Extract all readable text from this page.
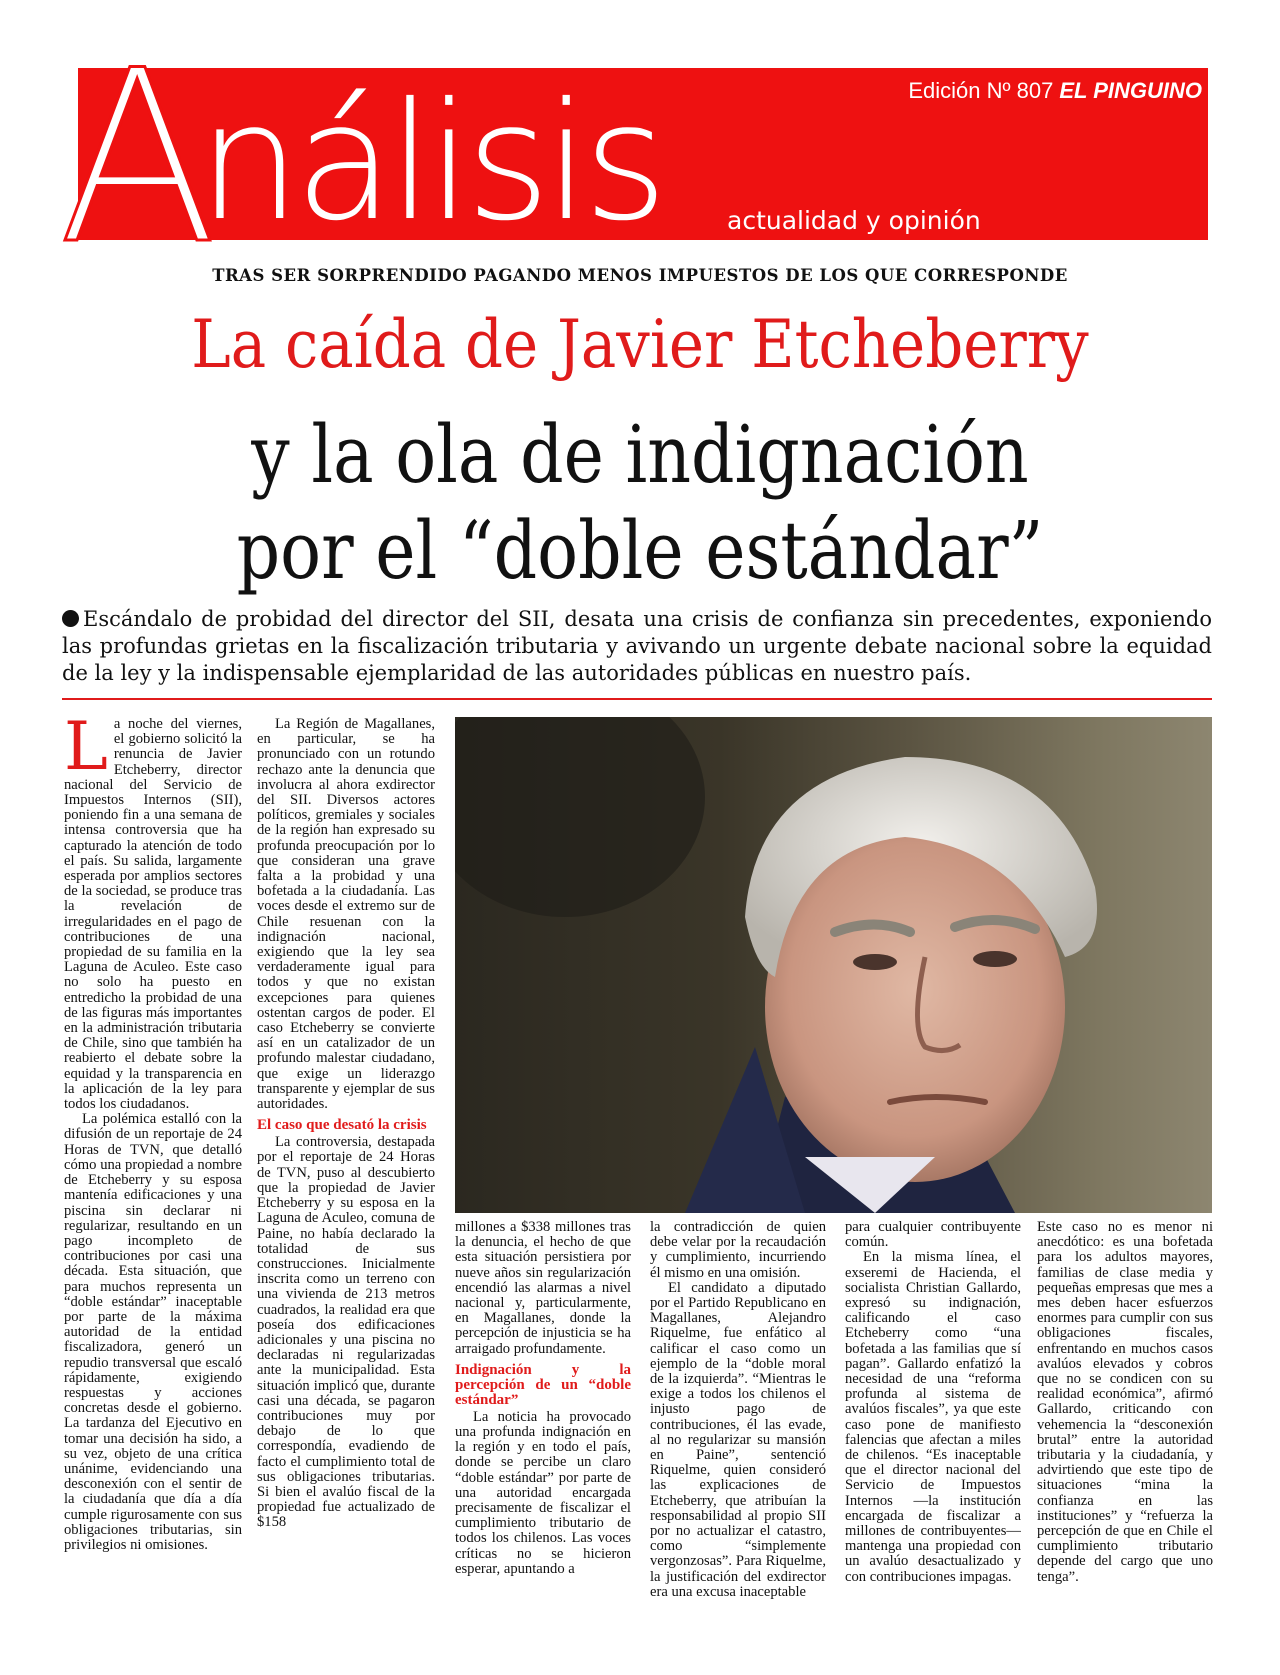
A
nálisis	Edición Nº 807 EL PINGUINO
actualidad y opinión
TRAS SER SORPRENDIDO PAGANDO MENOS IMPUESTOS DE LOS QUE CORRESPONDE
La caída de Javier Etcheberry
y la ola de indignación
por el “doble estándar”
Escándalo de probidad del director del SII, desata una crisis de confianza sin precedentes, exponiendo las profundas grietas en la fiscalización tributaria y avivando un urgente debate nacional sobre la equidad de la ley y la indispensable ejemplaridad de las autoridades públicas en nuestro país.
L a noche del viernes, el gobierno solicitó la renuncia de Javier Etcheberry, director nacional del Servicio de Impuestos Internos (SII), poniendo fin a una semana de intensa controversia que ha capturado la atención de todo el país. Su salida, largamente esperada por amplios sectores de la sociedad, se produce tras la revelación de irregularidades en el pago de contribuciones de una propiedad de su familia en la Laguna de Aculeo. Este caso no solo ha puesto en entredicho la probidad de una de las figuras más importantes en la administración tributaria de Chile, sino que también ha reabierto el debate sobre la equidad y la transparencia en la aplicación de la ley para todos los ciudadanos.

La polémica estalló con la difusión de un reportaje de 24 Horas de TVN, que detalló cómo una propiedad a nombre de Etcheberry y su esposa mantenía edificaciones y una piscina sin declarar ni regularizar, resultando en un pago incompleto de contribuciones por casi una década. Esta situación, que para muchos representa un “doble estándar” inaceptable por parte de la máxima autoridad de la entidad fiscalizadora, generó un repudio transversal que escaló rápidamente, exigiendo respuestas y acciones concretas desde el gobierno. La tardanza del Ejecutivo en tomar una decisión ha sido, a su vez, objeto de una crítica unánime, evidenciando una desconexión con el sentir de la ciudadanía que día a día cumple rigurosamente con sus obligaciones tributarias, sin privilegios ni omisiones.

La Región de Magallanes, en particular, se ha pronunciado con un rotundo rechazo ante la denuncia que involucra al ahora exdirector del SII. Diversos actores políticos, gremiales y sociales de la región han expresado su profunda preocupación por lo que consideran una grave falta a la probidad y una bofetada a la ciudadanía. Las voces desde el extremo sur de Chile resuenan con la indignación nacional, exigiendo que la ley sea verdaderamente igual para todos y que no existan excepciones para quienes ostentan cargos de poder. El caso Etcheberry se convierte así en un catalizador de un profundo malestar ciudadano, que exige un liderazgo transparente y ejemplar de sus autoridades.

El caso que desató la crisis

La controversia, destapada por el reportaje de 24 Horas de TVN, puso al descubierto que la propiedad de Javier Etcheberry y su esposa en la Laguna de Aculeo, comuna de Paine, no había declarado la totalidad de sus construcciones. Inicialmente inscrita como un terreno con una vivienda de 213 metros cuadrados, la realidad era que poseía dos edificaciones adicionales y una piscina no declaradas ni regularizadas ante la municipalidad. Esta situación implicó que, durante casi una década, se pagaron contribuciones muy por debajo de lo que correspondía, evadiendo de facto el cumplimiento total de sus obligaciones tributarias. Si bien el avalúo fiscal de la propiedad fue actualizado de $158

millones a $338 millones tras la denuncia, el hecho de que esta situación persistiera por nueve años sin regularización encendió las alarmas a nivel nacional y, particularmente, en Magallanes, donde la percepción de injusticia se ha arraigado profundamente.

Indignación y la percepción de un “doble estándar”

La noticia ha provocado una profunda indignación en la región y en todo el país, donde se percibe un claro “doble estándar” por parte de una autoridad encargada precisamente de fiscalizar el cumplimiento tributario de todos los chilenos. Las voces críticas no se hicieron esperar, apuntando a

la contradicción de quien debe velar por la recaudación y cumplimiento, incurriendo él mismo en una omisión.

El candidato a diputado por el Partido Republicano en Magallanes, Alejandro Riquelme, fue enfático al calificar el caso como un ejemplo de la “doble moral de la izquierda”. “Mientras le exige a todos los chilenos el injusto pago de contribuciones, él las evade, al no regularizar su mansión en Paine”, sentenció Riquelme, quien consideró las explicaciones de Etcheberry, que atribuían la responsabilidad al propio SII por no actualizar el catastro, como “simplemente vergonzosas”. Para Riquelme, la justificación del exdirector era una excusa inaceptable

para cualquier contribuyente común.

En la misma línea, el exseremi de Hacienda, el socialista Christian Gallardo, expresó su indignación, calificando el caso Etcheberry como “una bofetada a las familias que sí pagan”. Gallardo enfatizó la necesidad de una “reforma profunda al sistema de avalúos fiscales”, ya que este caso pone de manifiesto falencias que afectan a miles de chilenos. “Es inaceptable que el director nacional del Servicio de Impuestos Internos —la institución encargada de fiscalizar a millones de contribuyentes— mantenga una propiedad con un avalúo desactualizado y con contribuciones impagas.

Este caso no es menor ni anecdótico: es una bofetada para los adultos mayores, familias de clase media y pequeñas empresas que mes a mes deben hacer esfuerzos enormes para cumplir con sus obligaciones fiscales, enfrentando en muchos casos avalúos elevados y cobros que no se condicen con su realidad económica”, afirmó Gallardo, criticando con vehemencia la “desconexión brutal” entre la autoridad tributaria y la ciudadanía, y advirtiendo que este tipo de situaciones “mina la confianza en las instituciones” y “refuerza la percepción de que en Chile el cumplimiento tributario depende del cargo que uno tenga”.
